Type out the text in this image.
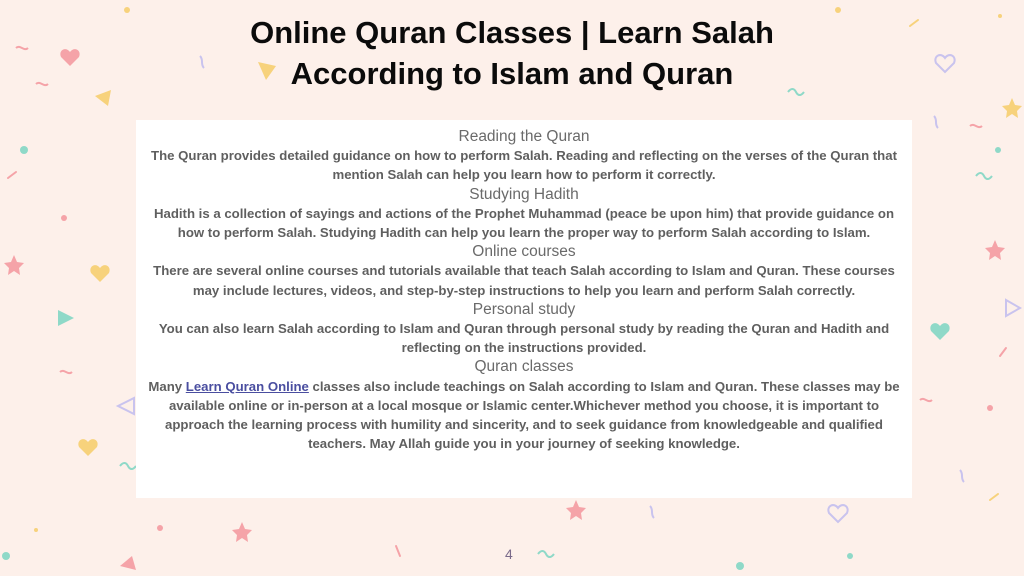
Online Quran Classes | Learn Salah
According to Islam and Quran
Reading the Quran
The Quran provides detailed guidance on how to perform Salah. Reading and reflecting on the verses of the Quran that mention Salah can help you learn how to perform it correctly.
Studying Hadith
Hadith is a collection of sayings and actions of the Prophet Muhammad (peace be upon him) that provide guidance on how to perform Salah. Studying Hadith can help you learn the proper way to perform Salah according to Islam.
Online courses
There are several online courses and tutorials available that teach Salah according to Islam and Quran. These courses may include lectures, videos, and step-by-step instructions to help you learn and perform Salah correctly.
Personal study
You can also learn Salah according to Islam and Quran through personal study by reading the Quran and Hadith and reflecting on the instructions provided.
Quran classes
Many Learn Quran Online classes also include teachings on Salah according to Islam and Quran. These classes may be available online or in-person at a local mosque or Islamic center.Whichever method you choose, it is important to approach the learning process with humility and sincerity, and to seek guidance from knowledgeable and qualified teachers. May Allah guide you in your journey of seeking knowledge.
4
